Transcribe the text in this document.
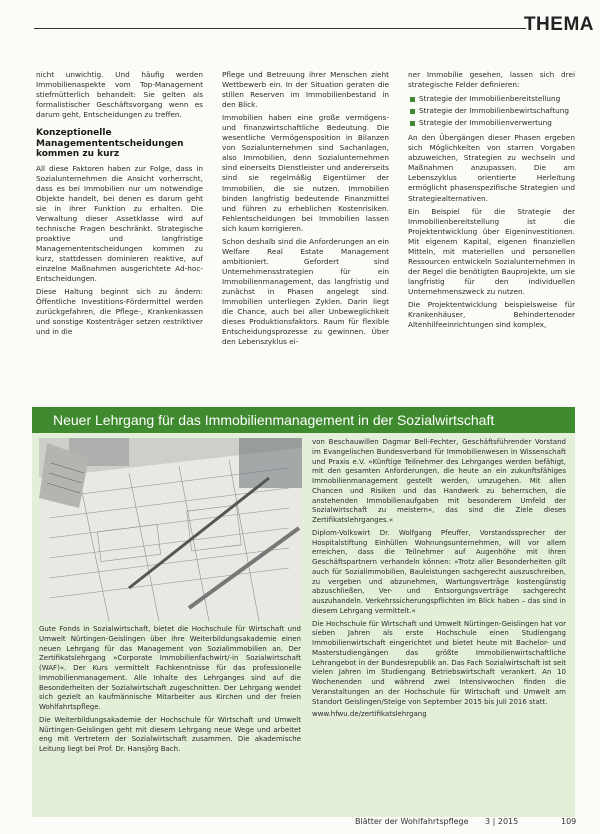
THEMA

nicht unwichtig. Und häufig werden Immobilienaspekte vom Top-Management stiefmütterlich behandelt: Sie gelten als formalistischer Geschäftsvorgang wenn es darum geht, Entscheidungen zu treffen.

Konzeptionelle Managemententscheidungen kommen zu kurz

All diese Faktoren haben zur Folge, dass in Sozialunternehmen die Ansicht vorherrscht, dass es bei Immobilien nur um notwendige Objekte handelt, bei denen es darum geht sie in ihrer Funktion zu erhalten. Die Verwaltung dieser Assetklasse wird auf technische Fragen beschränkt. Strategische proaktive und langfristige Managemententscheidungen kommen zu kurz, stattdessen dominieren reaktive, auf einzelne Maßnahmen ausgerichtete Ad-hoc-Entscheidungen.

Diese Haltung beginnt sich zu ändern: Öffentliche Investitions-Fördermittel werden zurückgefahren, die Pflege-, Krankenkassen und sonstige Kostenträger setzen restriktiver und in die

Pflege und Betreuung ihrer Menschen zieht Wettbewerb ein. In der Situation geraten die stillen Reserven im Immobilienbestand in den Blick.

Immobilien haben eine große vermögens- und finanzwirtschaftliche Bedeutung. Die wesentliche Vermögensposition in Bilanzen von Sozialunternehmen sind Sachanlagen, also Immobilien, denn Sozialunternehmen sind einerseits Dienstleister und andererseits sind sie regelmäßig Eigentümer der Immobilien, die sie nutzen. Immobilien binden langfristig bedeutende Finanzmittel und führen zu erheblichen Kostenrisiken. Fehlentscheidungen bei Immobilien lassen sich kaum korrigieren.

Schon deshalb sind die Anforderungen an ein Welfare Real Estate Management ambitioniert. Gefordert sind Unternehmensstrategien für ein Immobilienmanagement, das langfristig und zunächst in Phasen angelegt sind. Immobilien unterliegen Zyklen. Darin liegt die Chance, auch bei aller Unbeweglichkeit dieses Produktionsfaktors. Raum für flexible Entscheidungsprozesse zu gewinnen. Über den Lebenszyklus ei-

ner Immobilie gesehen, lassen sich drei strategische Felder definieren:

Strategie der Immobilienbereitstellung
Strategie der Immobilienbewirtschaftung
Strategie der Immobilienverwertung

An den Übergängen dieser Phasen ergeben sich Möglichkeiten von starren Vorgaben abzuweichen, Strategien zu wechseln und Maßnahmen anzupassen. Die am Lebenszyklus orientierte Herleitung ermöglicht phasenspezifische Strategien und Strategiealternativen.

Ein Beispiel für die Strategie der Immobilienbereitstellung ist die Projektentwicklung über Eigeninvestitionen. Mit eigenem Kapital, eigenen finanziellen Mitteln, mit materiellen und personellen Ressourcen entwickeln Sozialunternehmen in der Regel die benötigten Bauprojekte, um sie langfristig für den individuellen Unternehmenszweck zu nutzen.

Die Projektentwicklung beispielsweise für Krankenhäuser, Behindertenoder Altenhilfeeinrichtungen sind komplex,

Neuer Lehrgang für das Immobilienmanagement in der Sozialwirtschaft

Gute Fonds in Sozialwirtschaft, bietet die Hochschule für Wirtschaft und Umwelt Nürtingen-Geislingen über ihre Weiterbildungsakademie einen neuen Lehrgang für das Management von Sozialimmobilien an. Der Zertifikatslehrgang »Corporate Immobilienfachwirt/-in Sozialwirtschaft (WAF)«. Der Kurs vermittelt Fachkenntnisse für das professionelle Immobilienmanagement. Alle Inhalte des Lehrganges sind auf die Besonderheiten der Sozialwirtschaft zugeschnitten. Der Lehrgang wendet sich gezielt an kaufmännische Mitarbeiter aus Kirchen und der freien Wohlfahrtspflege.

Die Weiterbildungsakademie der Hochschule für Wirtschaft und Umwelt Nürtingen-Geislingen geht mit diesem Lehrgang neue Wege und arbeitet eng mit Vertretern der Sozialwirtschaft zusammen. Die akademische Leitung liegt bei Prof. Dr. Hansjörg Bach.

von Beschauwillen Dagmar Bell-Fechter, Geschäftsführender Vorstand im Evangelischen Bundesverband für Immobilienwesen in Wissenschaft und Praxis e.V. »Künftige Teilnehmer des Lehrganges werden befähigt, mit den gesamten Anforderungen, die heute an ein zukunftsfähiges Immobilienmanagement gestellt werden, umzugehen. Mit allen Chancen und Risiken und das Handwerk zu beherrschen, die anstehenden Immobilienaufgaben mit besonderem Umfeld der Sozialwirtschaft zu meistern«, das sind die Ziele dieses Zertifikatslehrganges.«

Diplom-Volkswirt Dr. Wolfgang Pfeuffer, Vorstandssprecher der Hospitalstiftung Einhüllen Wohnungsunternehmen, will vor allem erreichen, dass die Teilnehmer auf Augenhöhe mit ihren Geschäftspartnern verhandeln können: »Trotz aller Besonderheiten gilt auch für Sozialimmobilien, Bauleistungen sachgerecht auszuschreiben, zu vergeben und abzunehmen, Wartungsverträge kostengünstig abzuschließen, Ver- und Entsorgungsverträge sachgerecht auszuhandeln. Verkehrssicherungspflichten im Blick haben – das sind in diesem Lehrgang vermittelt.«

Die Hochschule für Wirtschaft und Umwelt Nürtingen-Geislingen hat vor sieben Jahren als erste Hochschule einen Studiengang Immobilienwirtschaft eingerichtet und bietet heute mit Bachelor- und Masterstudiengängen das größte Immobilienwirtschaftliche Lehrangebot in der Bundesrepublik an. Das Fach Sozialwirtschaft ist seit vielen Jahren im Studiengang Betriebswirtschaft verankert. An 10 Wochenenden und während zwei Intensivwochen finden die Veranstaltungen an der Hochschule für Wirtschaft und Umwelt am Standort Geislingen/Steige von September 2015 bis Juli 2016 statt.

www.hfwu.de/zertifikatslehrgang

Blätter der Wohlfahrtspflege 3 | 2015	109
